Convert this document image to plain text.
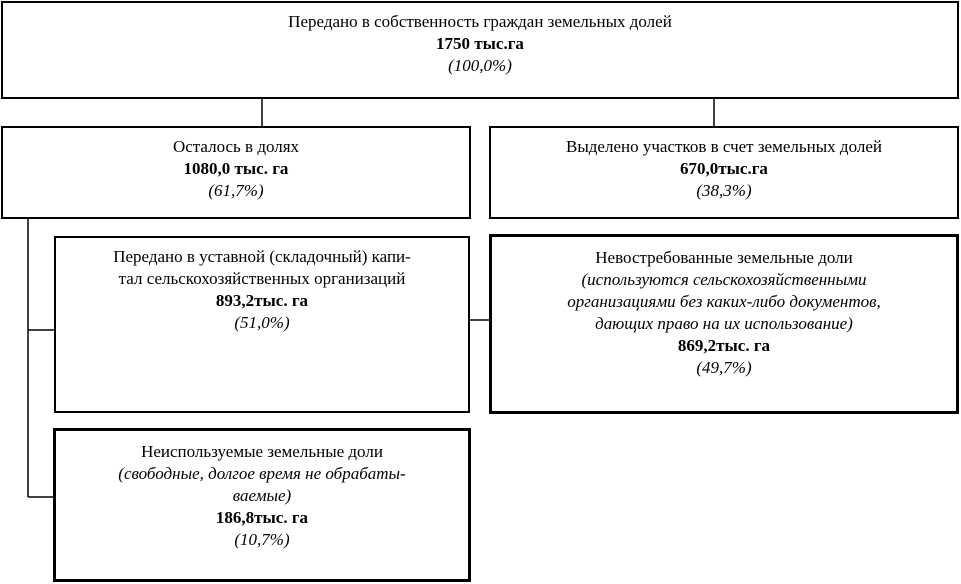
Передано в собственность граждан земельных долей
1750 тыс.га
(100,0%)
Осталось в долях
1080,0 тыс. га
(61,7%)
Выделено участков в счет земельных долей
670,0тыс.га
(38,3%)
Передано в уставной (складочный) капи-
тал сельскохозяйственных организаций
893,2тыс. га
(51,0%)
Невостребованные земельные доли
(используются сельскохозяйственными
организациями без каких-либо документов,
дающих право на их использование)
869,2тыс. га
(49,7%)
Неиспользуемые земельные доли
(свободные, долгое время не обрабаты-
ваемые)
186,8тыс. га
(10,7%)
